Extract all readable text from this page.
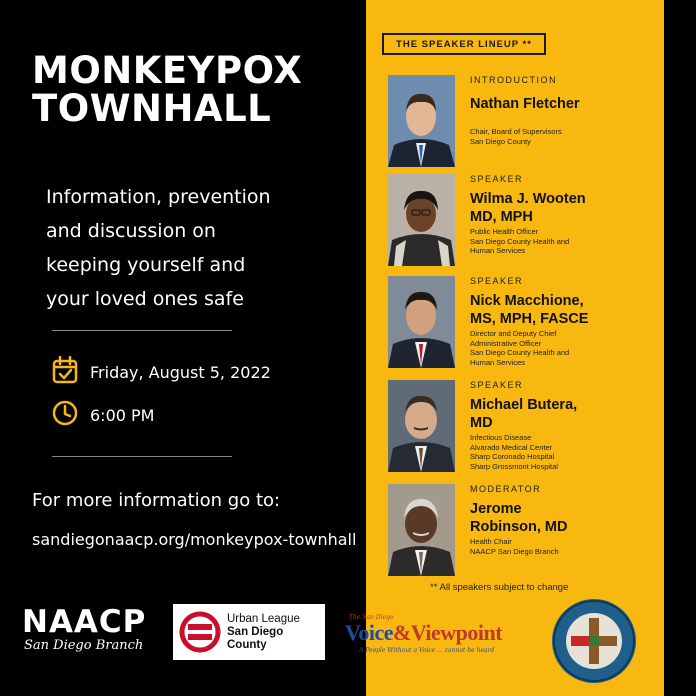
MONKEYPOX
TOWNHALL
Information, prevention
and discussion on
keeping yourself and
your loved ones safe
Friday, August 5, 2022
6:00 PM
For more information go to:
sandiegonaacp.org/monkeypox-townhall
THE SPEAKER LINEUP **
INTRODUCTION
Nathan Fletcher
Chair, Board of Supervisors
San Diego County
SPEAKER
Wilma J. Wooten
MD, MPH
Public Health Officer
San Diego County Health and
Human Services
SPEAKER
Nick Macchione,
MS, MPH, FASCE
Director and Deputy Chief
Administrative Officer
San Diego County Health and
Human Services
SPEAKER
Michael Butera,
MD
Infectious Disease
Alvarado Medical Center
Sharp Coronado Hospital
Sharp Grossmont Hospital
MODERATOR
Jerome
Robinson, MD
Health Chair
NAACP San Diego Branch
** All speakers subject to change
NAACP
San Diego Branch
Urban League
San Diego County
The San Diego
Voice&Viewpoint
A People Without a Voice ... cannot be heard
